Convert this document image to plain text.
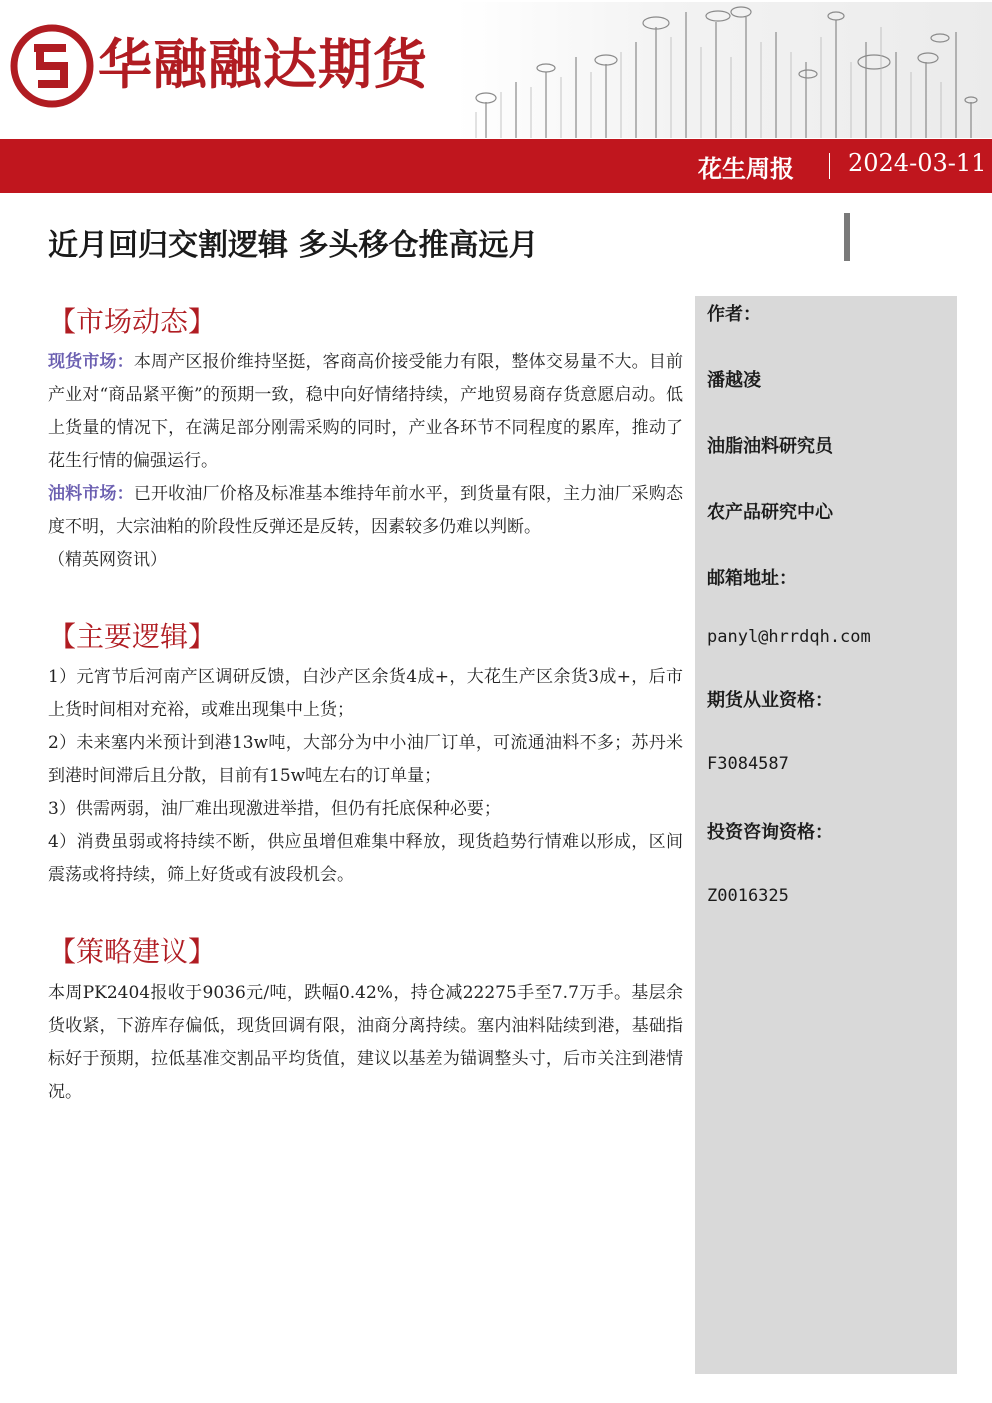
华融融达期货
花生周报 2024-03-11
近月回归交割逻辑 多头移仓推高远月
【市场动态】
现货市场：本周产区报价维持坚挺，客商高价接受能力有限，整体交易量不大。目前产业对“商品紧平衡”的预期一致，稳中向好情绪持续，产地贸易商存货意愿启动。低上货量的情况下，在满足部分刚需采购的同时，产业各环节不同程度的累库，推动了花生行情的偏强运行。
油料市场：已开收油厂价格及标准基本维持年前水平，到货量有限，主力油厂采购态度不明，大宗油粕的阶段性反弹还是反转，因素较多仍难以判断。
（精英网资讯）
【主要逻辑】
1）元宵节后河南产区调研反馈，白沙产区余货4成+，大花生产区余货3成+，后市上货时间相对充裕，或难出现集中上货；
2）未来塞内米预计到港13w吨，大部分为中小油厂订单，可流通油料不多；苏丹米到港时间滞后且分散，目前有15w吨左右的订单量；
3）供需两弱，油厂难出现激进举措，但仍有托底保种必要；
4）消费虽弱或将持续不断，供应虽增但难集中释放，现货趋势行情难以形成，区间震荡或将持续，筛上好货或有波段机会。
【策略建议】
本周PK2404报收于9036元/吨，跌幅0.42%，持仓减22275手至7.7万手。基层余货收紧，下游库存偏低，现货回调有限，油商分离持续。塞内油料陆续到港，基础指标好于预期，拉低基准交割品平均货值，建议以基差为锚调整头寸，后市关注到港情况。
作者：
潘越凌
油脂油料研究员
农产品研究中心
邮箱地址：
panyl@hrrdqh.com
期货从业资格：
F3084587
投资咨询资格：
Z0016325
